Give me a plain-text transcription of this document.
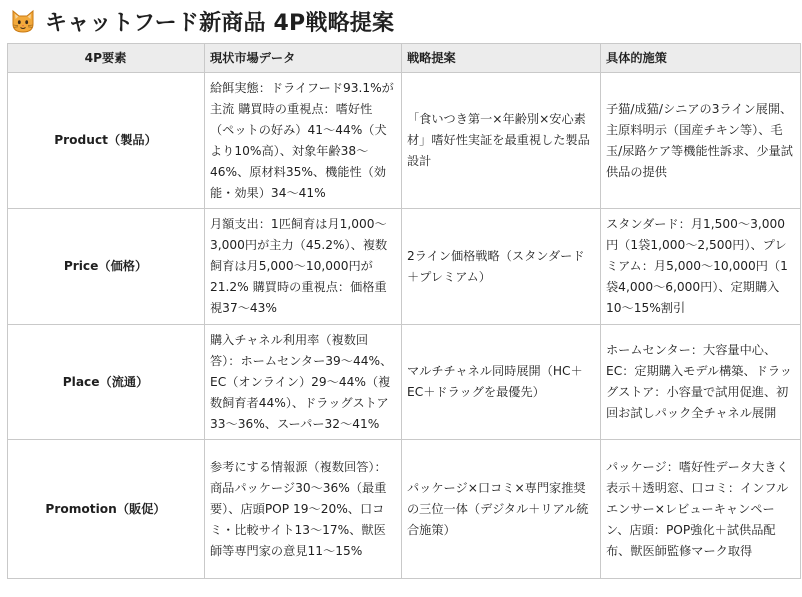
キャットフード新商品 4P戦略提案
4P要素	現状市場データ	戦略提案	具体的施策
Product（製品）	給餌実態：ドライフード93.1%が主流 購買時の重視点：嗜好性（ペットの好み）41～44%（犬より10%高）、対象年齢38～46%、原材料35%、機能性（効能・効果）34～41%	「食いつき第一×年齢別×安心素材」嗜好性実証を最重視した製品設計	子猫/成猫/シニアの3ライン展開、主原料明示（国産チキン等）、毛玉/尿路ケア等機能性訴求、少量試供品の提供
Price（価格）	月額支出：1匹飼育は月1,000～3,000円が主力（45.2%）、複数飼育は月5,000～10,000円が21.2% 購買時の重視点：価格重視37～43%	2ライン価格戦略（スタンダード＋プレミアム）	スタンダード：月1,500～3,000円（1袋1,000～2,500円）、プレミアム：月5,000～10,000円（1袋4,000～6,000円）、定期購入10～15%割引
Place（流通）	購入チャネル利用率（複数回答）：ホームセンター39～44%、EC（オンライン）29～44%（複数飼育者44%）、ドラッグストア33～36%、スーパー32～41%	マルチチャネル同時展開（HC＋EC＋ドラッグを最優先）	ホームセンター：大容量中心、EC：定期購入モデル構築、ドラッグストア：小容量で試用促進、初回お試しパック全チャネル展開
Promotion（販促）	参考にする情報源（複数回答）：商品パッケージ30～36%（最重要）、店頭POP 19～20%、口コミ・比較サイト13～17%、獣医師等専門家の意見11～15%	パッケージ×口コミ×専門家推奨の三位一体（デジタル＋リアル統合施策）	パッケージ：嗜好性データ大きく表示＋透明窓、口コミ：インフルエンサー×レビューキャンペーン、店頭：POP強化＋試供品配布、獣医師監修マーク取得
